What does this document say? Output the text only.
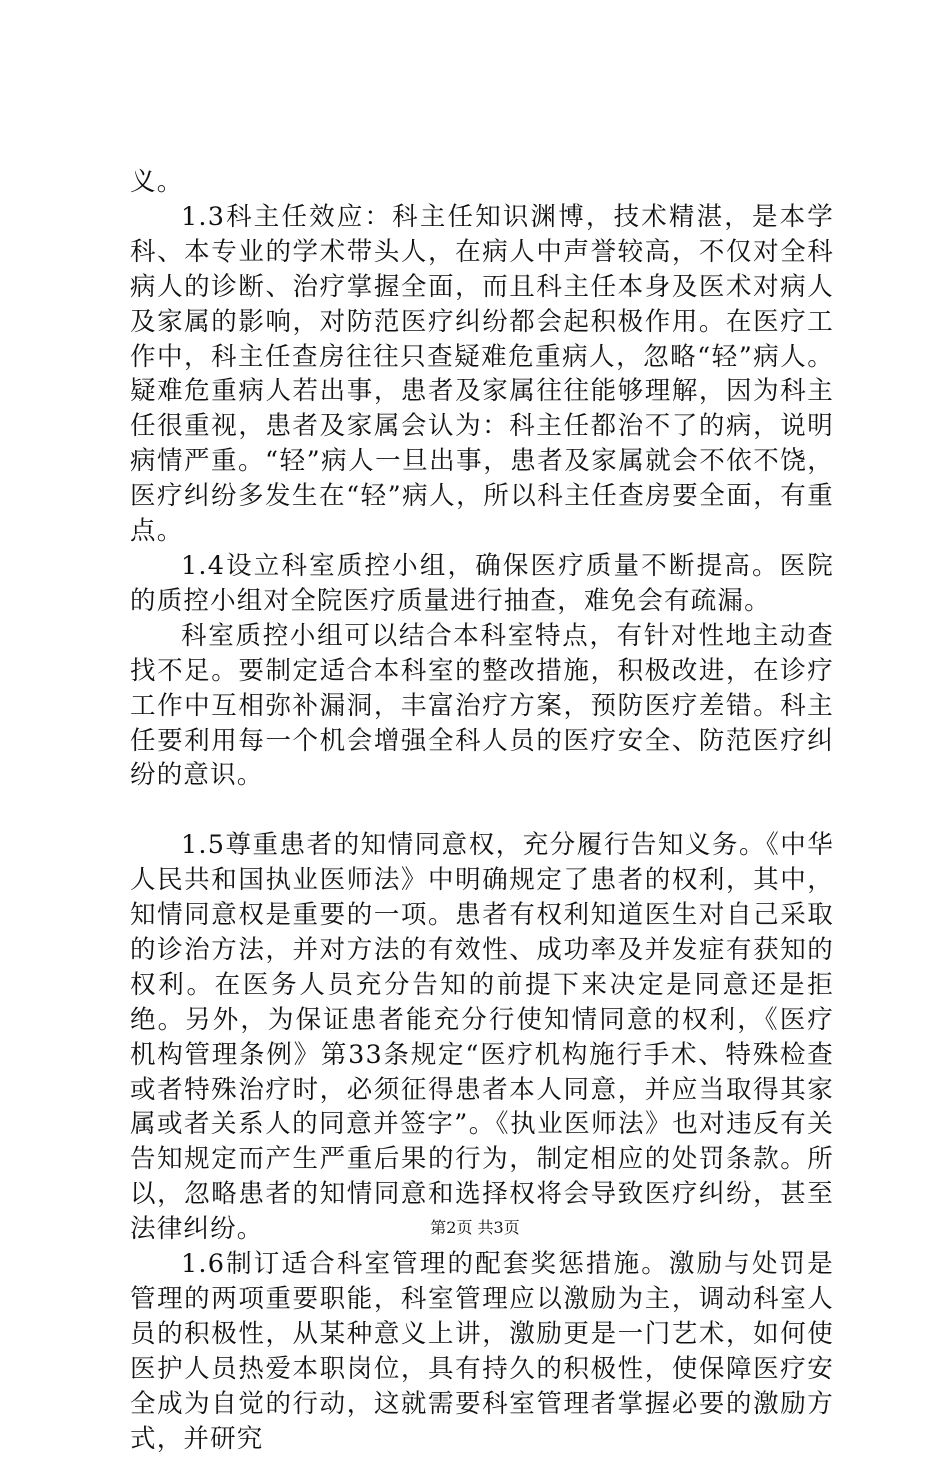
义。

1.3科主任效应：科主任知识渊博，技术精湛，是本学科、本专业的学术带头人，在病人中声誉较高，不仅对全科病人的诊断、治疗掌握全面，而且科主任本身及医术对病人及家属的影响，对防范医疗纠纷都会起积极作用。在医疗工作中，科主任查房往往只查疑难危重病人，忽略“轻”病人。疑难危重病人若出事，患者及家属往往能够理解，因为科主任很重视，患者及家属会认为：科主任都治不了的病，说明病情严重。“轻”病人一旦出事，患者及家属就会不依不饶，医疗纠纷多发生在“轻”病人，所以科主任查房要全面，有重点。

1.4设立科室质控小组，确保医疗质量不断提高。医院的质控小组对全院医疗质量进行抽查，难免会有疏漏。

科室质控小组可以结合本科室特点，有针对性地主动查找不足。要制定适合本科室的整改措施，积极改进，在诊疗工作中互相弥补漏洞，丰富治疗方案，预防医疗差错。科主任要利用每一个机会增强全科人员的医疗安全、防范医疗纠纷的意识。

1.5尊重患者的知情同意权，充分履行告知义务。《中华人民共和国执业医师法》中明确规定了患者的权利，其中，知情同意权是重要的一项。患者有权利知道医生对自己采取的诊治方法，并对方法的有效性、成功率及并发症有获知的权利。在医务人员充分告知的前提下来决定是同意还是拒绝。另外，为保证患者能充分行使知情同意的权利，《医疗机构管理条例》第33条规定“医疗机构施行手术、特殊检查或者特殊治疗时，必须征得患者本人同意，并应当取得其家属或者关系人的同意并签字”。《执业医师法》也对违反有关告知规定而产生严重后果的行为，制定相应的处罚条款。所以，忽略患者的知情同意和选择权将会导致医疗纠纷，甚至法律纠纷。

1.6制订适合科室管理的配套奖惩措施。激励与处罚是管理的两项重要职能，科室管理应以激励为主，调动科室人员的积极性，从某种意义上讲，激励更是一门艺术，如何使医护人员热爱本职岗位，具有持久的积极性，使保障医疗安全成为自觉的行动，这就需要科室管理者掌握必要的激励方式，并研究

第2页 共3页
